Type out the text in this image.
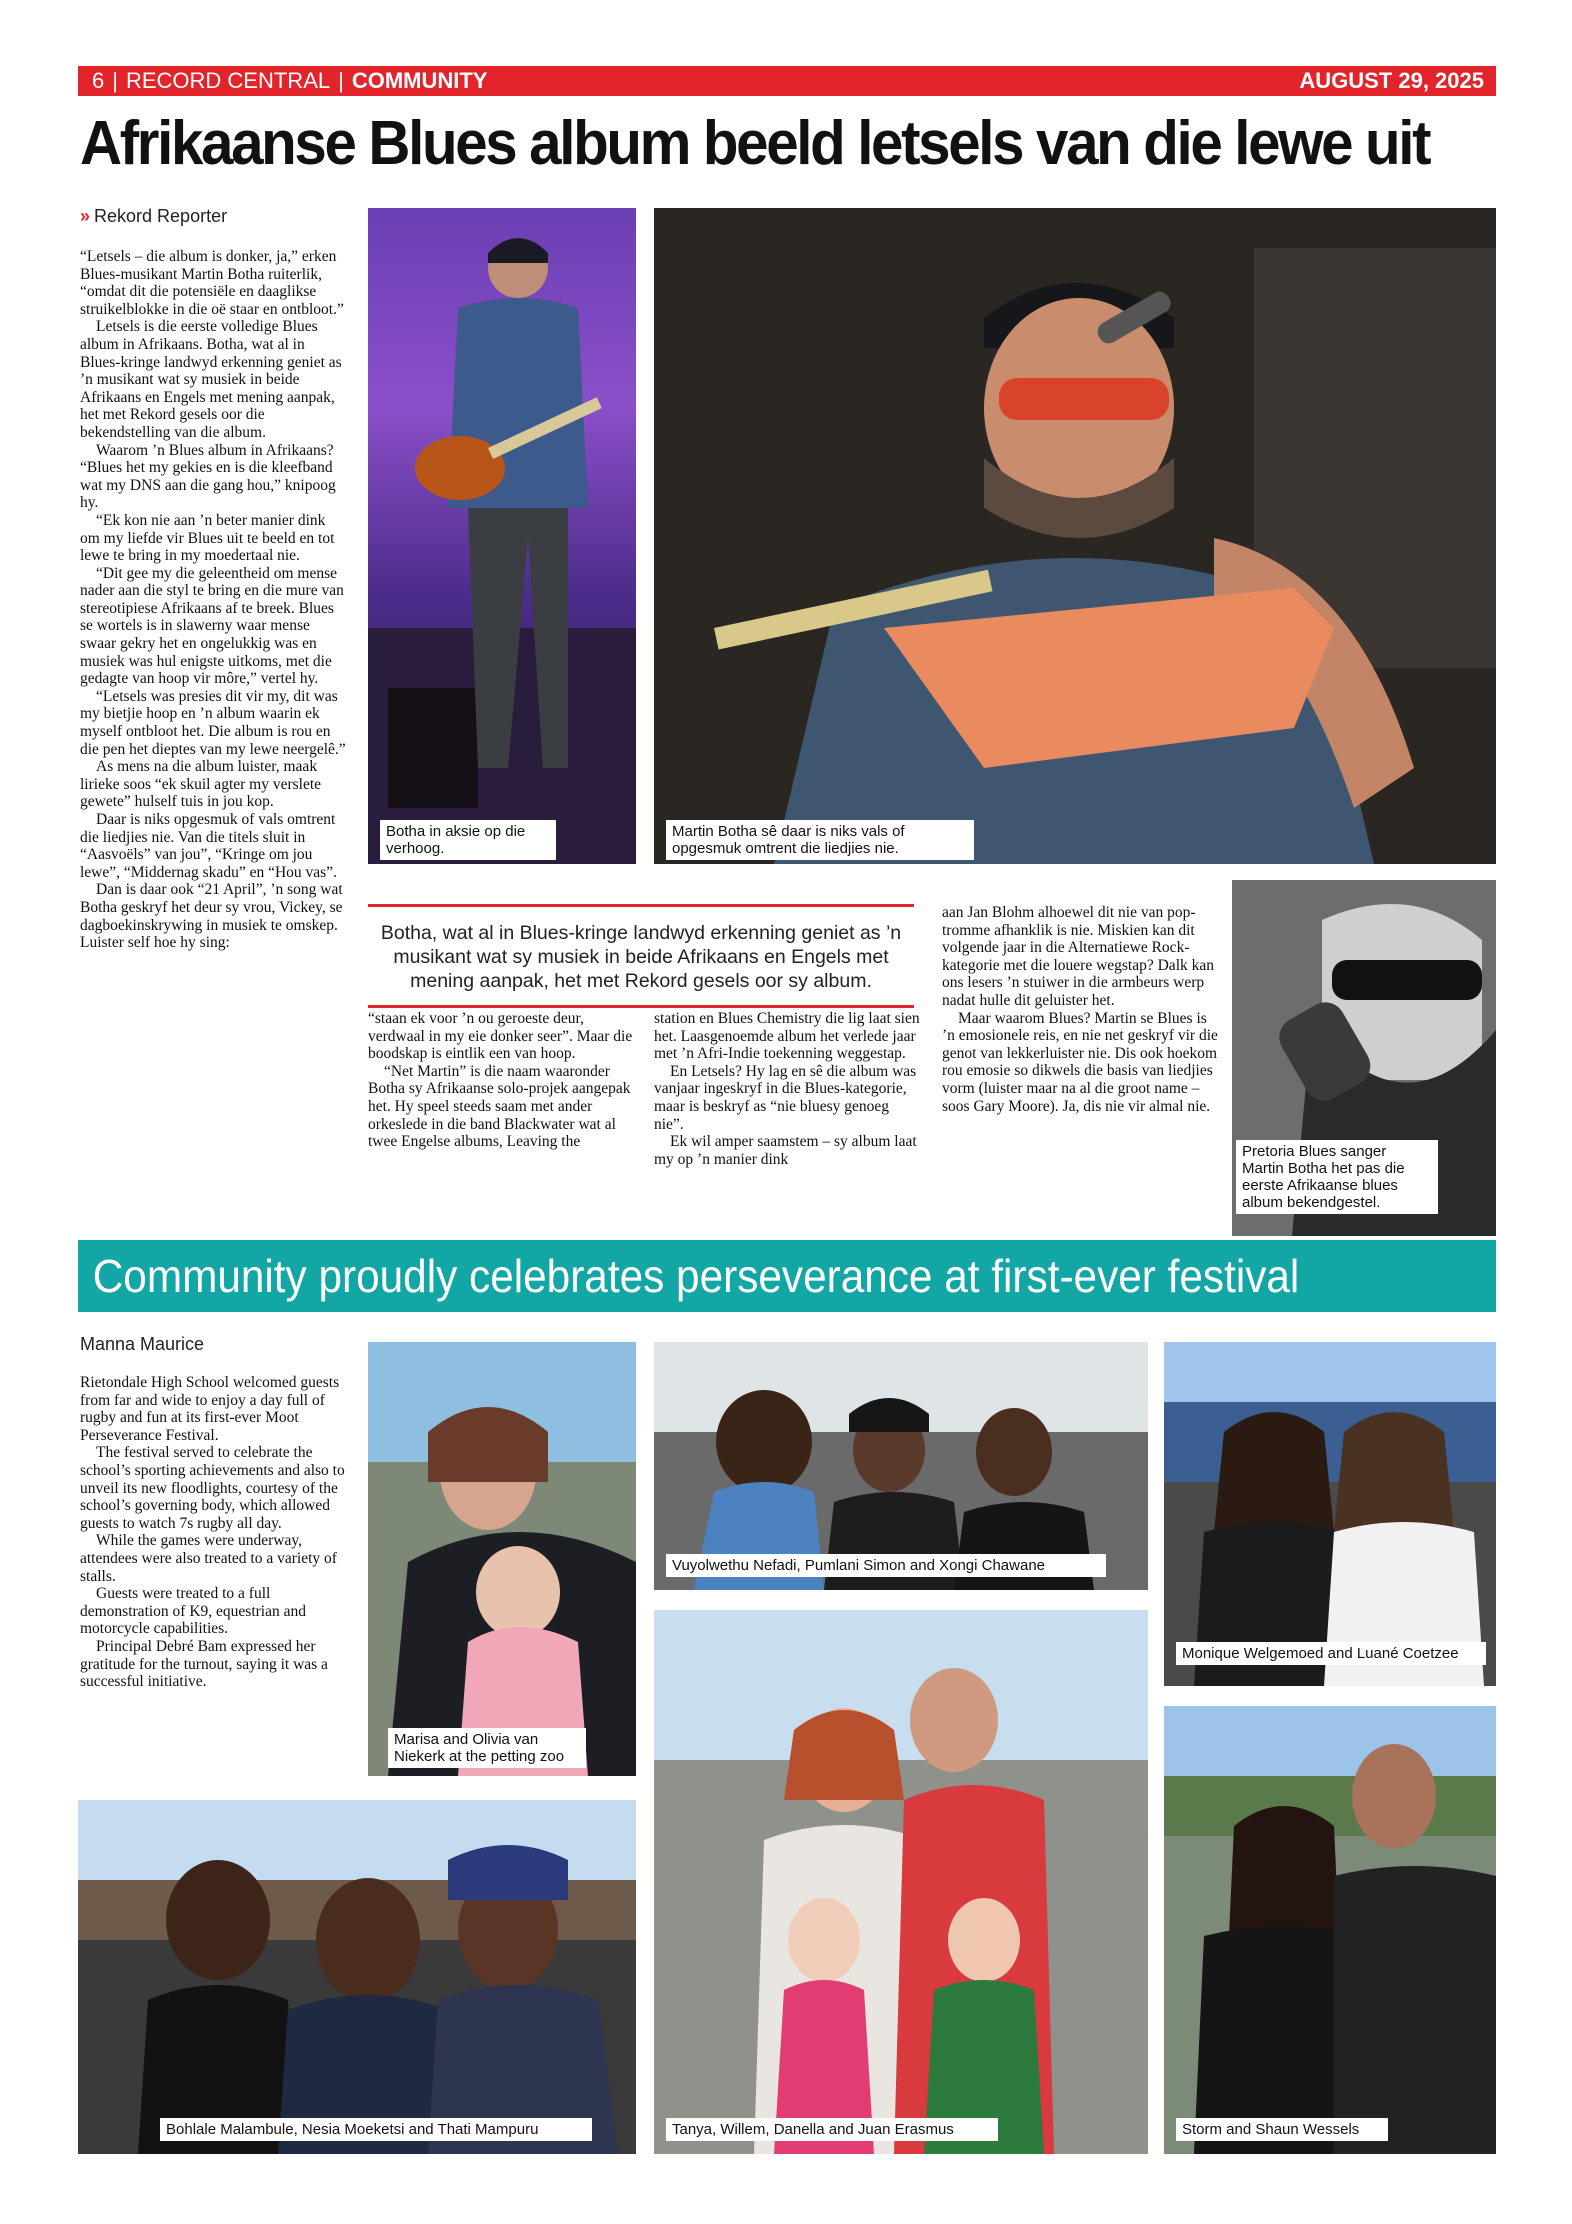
6 | RECORD CENTRAL | COMMUNITY	AUGUST 29, 2025
Afrikaanse Blues album beeld letsels van die lewe uit
» Rekord Reporter

“Letsels – die album is donker, ja,” erken Blues-musikant Martin Botha ruiterlik, “omdat dit die potensiële en daaglikse struikelblokke in die oë staar en ontbloot.”

Letsels is die eerste volledige Blues album in Afrikaans. Botha, wat al in Blues-kringe landwyd erkenning geniet as ’n musikant wat sy musiek in beide Afrikaans en Engels met mening aanpak, het met Rekord gesels oor die bekendstelling van die album.

Waarom ’n Blues album in Afrikaans? “Blues het my gekies en is die kleefband wat my DNS aan die gang hou,” knipoog hy.

“Ek kon nie aan ’n beter manier dink om my liefde vir Blues uit te beeld en tot lewe te bring in my moedertaal nie.

“Dit gee my die geleentheid om mense nader aan die styl te bring en die mure van stereotipiese Afrikaans af te breek. Blues se wortels is in slawerny waar mense swaar gekry het en ongelukkig was en musiek was hul enigste uitkoms, met die gedagte van hoop vir môre,” vertel hy.

“Letsels was presies dit vir my, dit was my bietjie hoop en ’n album waarin ek myself ontbloot het. Die album is rou en die pen het dieptes van my lewe neergelê.”

As mens na die album luister, maak lirieke soos “ek skuil agter my verslete gewete” hulself tuis in jou kop.

Daar is niks opgesmuk of vals omtrent die liedjies nie. Van die titels sluit in “Aasvoëls” van jou”, “Kringe om jou lewe”, “Middernag skadu” en “Hou vas”.

Dan is daar ook “21 April”, ’n song wat Botha geskryf het deur sy vrou, Vickey, se dagboekinskrywing in musiek te omskep. Luister self hoe hy sing:

Botha in aksie op die verhoog.
Martin Botha sê daar is niks vals of opgesmuk omtrent die liedjies nie.
Pretoria Blues sanger Martin Botha het pas die eerste Afrikaanse blues album bekendgestel.
Botha, wat al in Blues-kringe landwyd erkenning geniet as ’n musikant wat sy musiek in beide Afrikaans en Engels met mening aanpak, het met Rekord gesels oor sy album.

“staan ek voor ’n ou geroeste deur, verdwaal in my eie donker seer”. Maar die boodskap is eintlik een van hoop.

“Net Martin” is die naam waaronder Botha sy Afrikaanse solo-projek aangepak het. Hy speel steeds saam met ander orkeslede in die band Blackwater wat al twee Engelse albums, Leaving the

station en Blues Chemistry die lig laat sien het. Laasgenoemde album het verlede jaar met ’n Afri-Indie toekenning weggestap.

En Letsels? Hy lag en sê die album was vanjaar ingeskryf in die Blues-kategorie, maar is beskryf as “nie bluesy genoeg nie”.

Ek wil amper saamstem – sy album laat my op ’n manier dink

aan Jan Blohm alhoewel dit nie van pop-tromme afhanklik is nie. Miskien kan dit volgende jaar in die Alternatiewe Rock-kategorie met die louere wegstap? Dalk kan ons lesers ’n stuiwer in die armbeurs werp nadat hulle dit geluister het.

Maar waarom Blues? Martin se Blues is ’n emosionele reis, en nie net geskryf vir die genot van lekkerluister nie. Dis ook hoekom rou emosie so dikwels die basis van liedjies vorm (luister maar na al die groot name – soos Gary Moore). Ja, dis nie vir almal nie.

Community proudly celebrates perseverance at first-ever festival
Manna Maurice

Rietondale High School welcomed guests from far and wide to enjoy a day full of rugby and fun at its first-ever Moot Perseverance Festival.

The festival served to celebrate the school’s sporting achievements and also to unveil its new floodlights, courtesy of the school’s governing body, which allowed guests to watch 7s rugby all day.

While the games were underway, attendees were also treated to a variety of stalls.

Guests were treated to a full demonstration of K9, equestrian and motorcycle capabilities.

Principal Debré Bam expressed her gratitude for the turnout, saying it was a successful initiative.

Marisa and Olivia van Niekerk at the petting zoo
Vuyolwethu Nefadi, Pumlani Simon and Xongi Chawane
Monique Welgemoed and Luané Coetzee
Tanya, Willem, Danella and Juan Erasmus	Storm and Shaun Wessels
Bohlale Malambule, Nesia Moeketsi and Thati Mampuru
